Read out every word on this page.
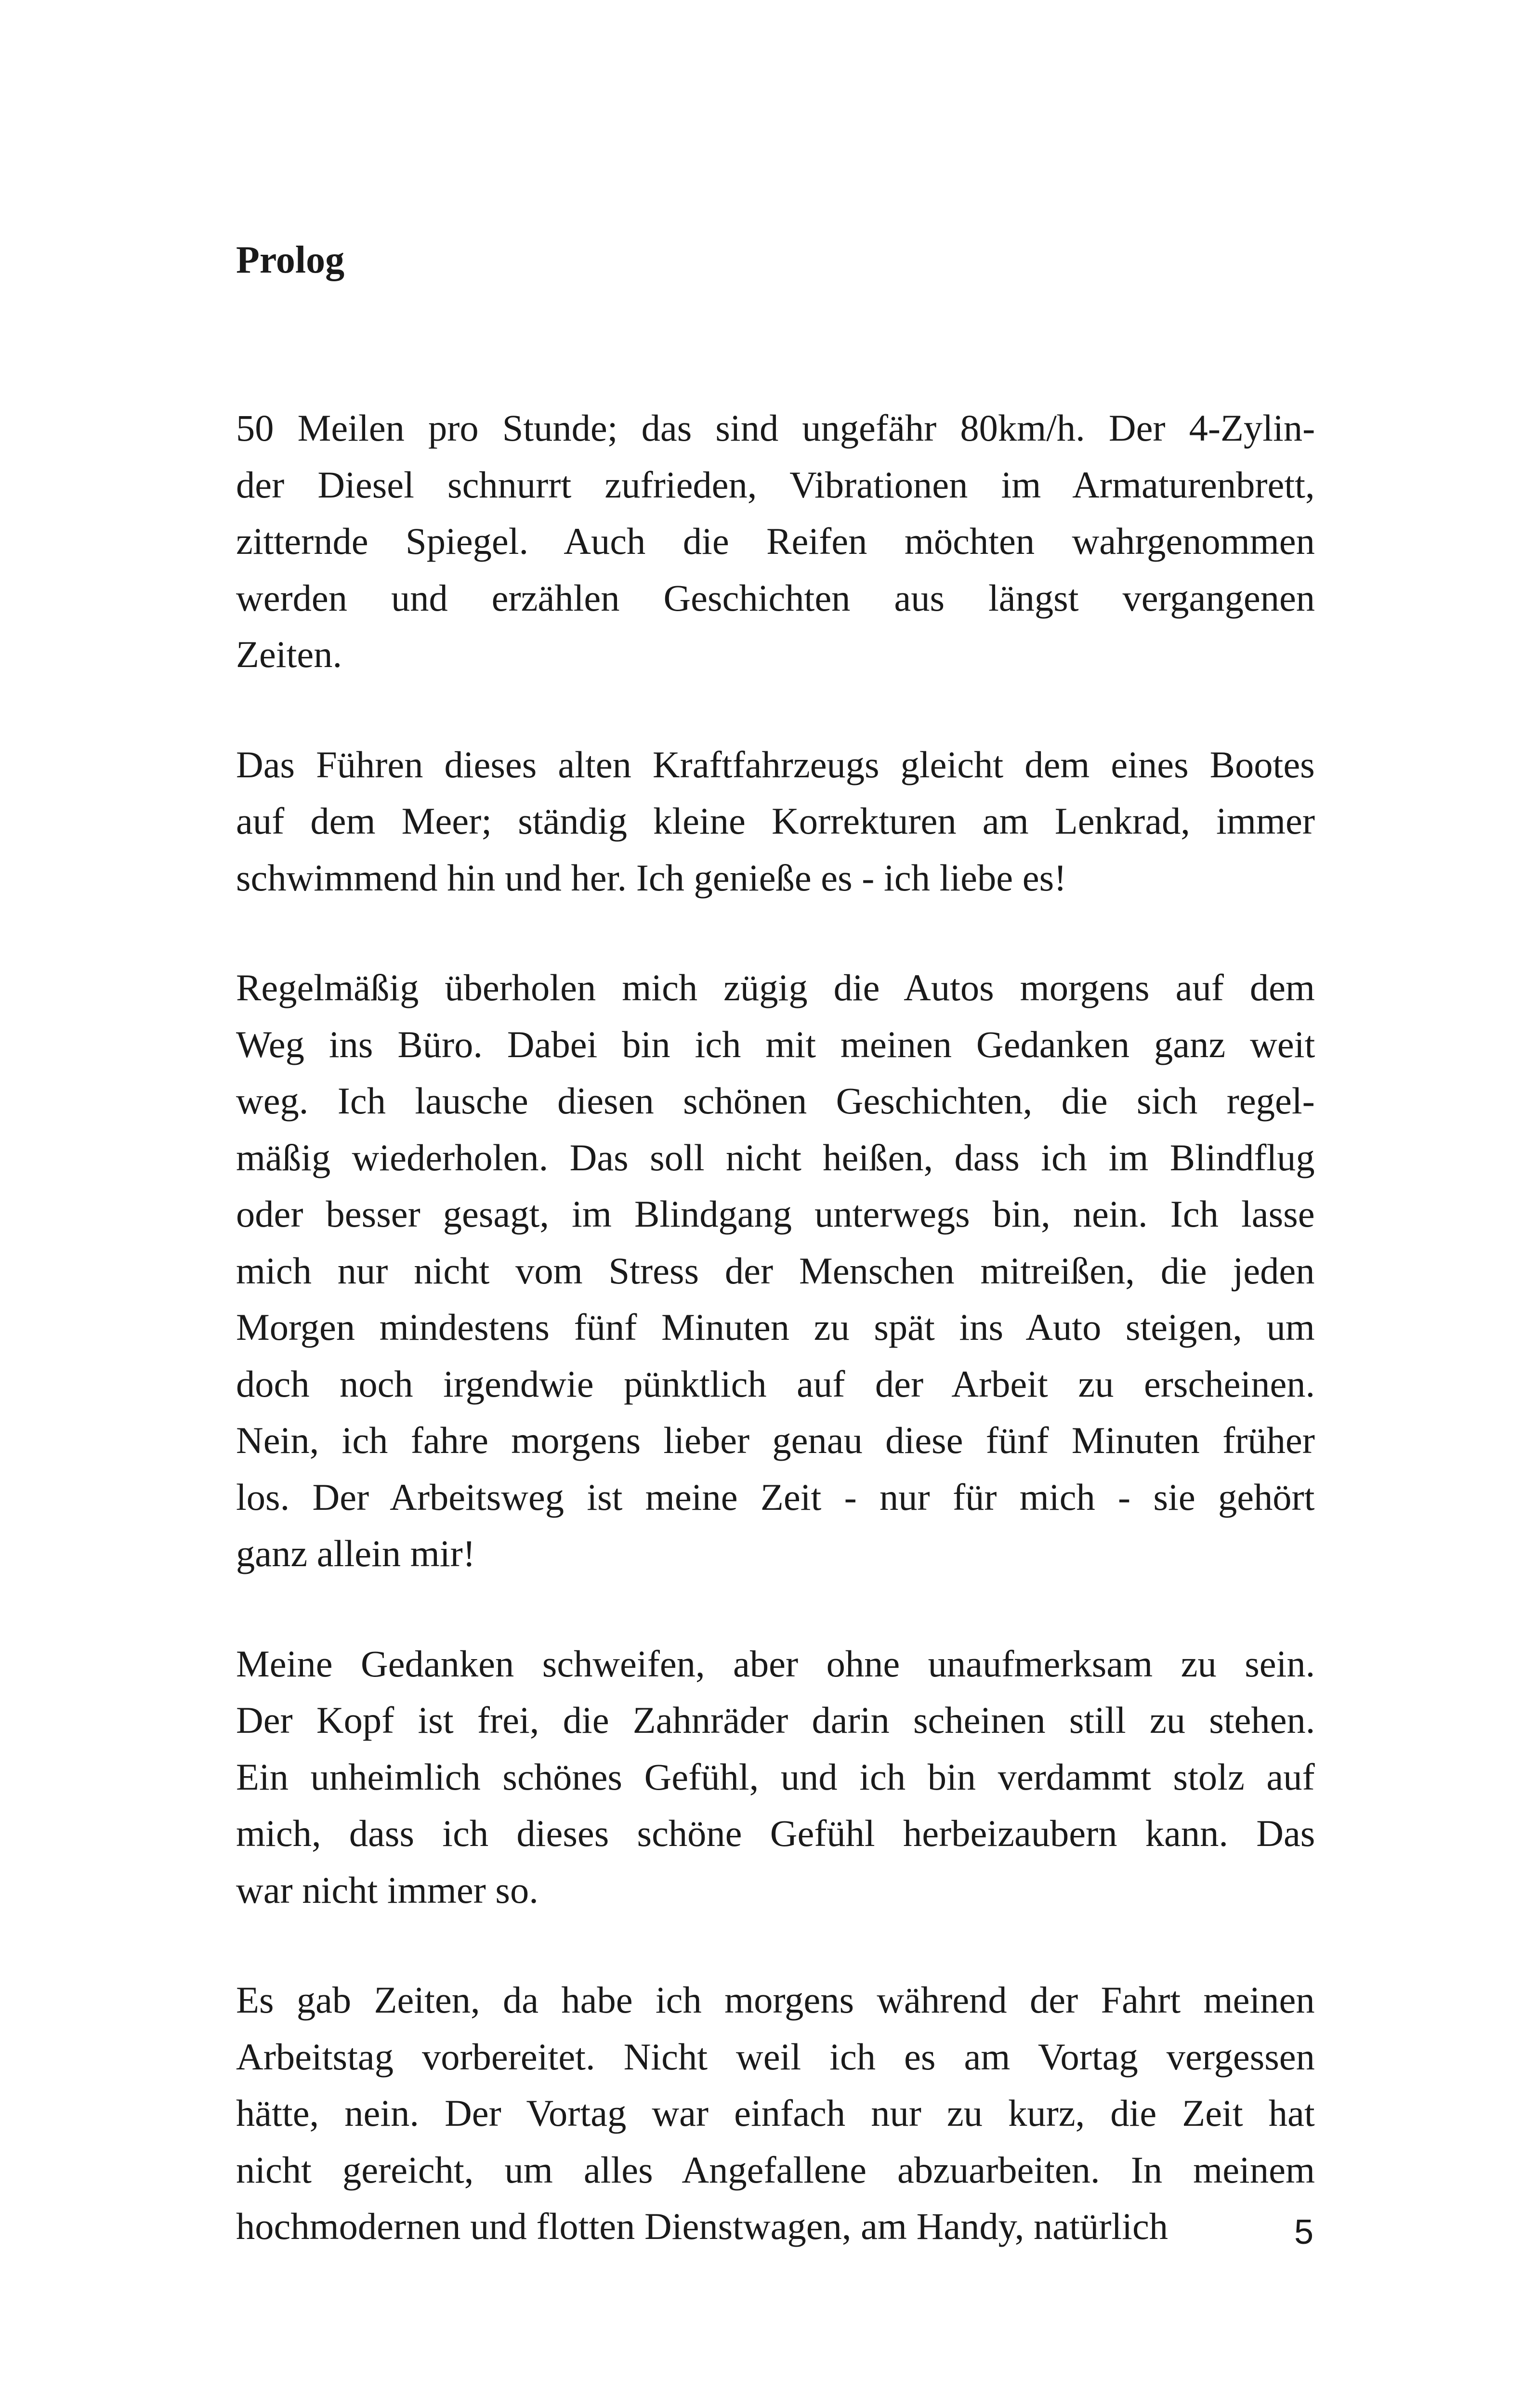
Prolog

50 Meilen pro Stunde; das sind ungefähr 80km/h. Der 4-Zylin-
der Diesel schnurrt zufrieden, Vibrationen im Armaturenbrett,
zitternde Spiegel. Auch die Reifen möchten wahrgenommen
werden und erzählen Geschichten aus längst vergangenen
Zeiten.

Das Führen dieses alten Kraftfahrzeugs gleicht dem eines Bootes
auf dem Meer; ständig kleine Korrekturen am Lenkrad, immer
schwimmend hin und her. Ich genieße es - ich liebe es!

Regelmäßig überholen mich zügig die Autos morgens auf dem
Weg ins Büro. Dabei bin ich mit meinen Gedanken ganz weit
weg. Ich lausche diesen schönen Geschichten, die sich regel-
mäßig wiederholen. Das soll nicht heißen, dass ich im Blindflug
oder besser gesagt, im Blindgang unterwegs bin, nein. Ich lasse
mich nur nicht vom Stress der Menschen mitreißen, die jeden
Morgen mindestens fünf Minuten zu spät ins Auto steigen, um
doch noch irgendwie pünktlich auf der Arbeit zu erscheinen.
Nein, ich fahre morgens lieber genau diese fünf Minuten früher
los. Der Arbeitsweg ist meine Zeit - nur für mich - sie gehört
ganz allein mir!

Meine Gedanken schweifen, aber ohne unaufmerksam zu sein.
Der Kopf ist frei, die Zahnräder darin scheinen still zu stehen.
Ein unheimlich schönes Gefühl, und ich bin verdammt stolz auf
mich, dass ich dieses schöne Gefühl herbeizaubern kann. Das
war nicht immer so.

Es gab Zeiten, da habe ich morgens während der Fahrt meinen
Arbeitstag vorbereitet. Nicht weil ich es am Vortag vergessen
hätte, nein. Der Vortag war einfach nur zu kurz, die Zeit hat
nicht gereicht, um alles Angefallene abzuarbeiten. In meinem
hochmodernen und flotten Dienstwagen, am Handy, natürlich	5
